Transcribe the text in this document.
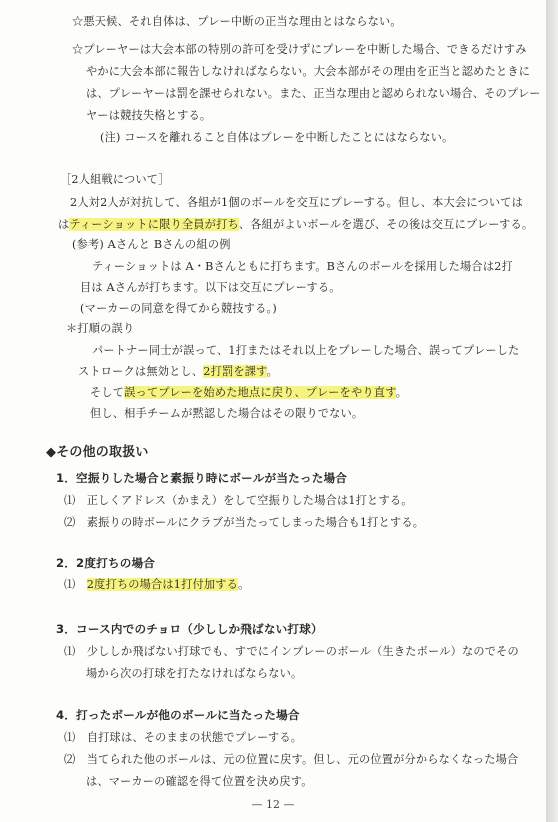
☆悪天候、それ自体は、プレー中断の正当な理由とはならない。
☆プレーヤーは大会本部の特別の許可を受けずにプレーを中断した場合、できるだけすみ
やかに大会本部に報告しなければならない。大会本部がその理由を正当と認めたときに
は、プレーヤーは罰を課せられない。また、正当な理由と認められない場合、そのプレー
ヤーは競技失格とする。
(注) コースを離れること自体はプレーを中断したことにはならない。
［2人組戦について］
2人対2人が対抗して、各組が1個のボールを交互にプレーする。但し、本大会については
はティーショットに限り全員が打ち、各組がよいボールを選び、その後は交互にプレーする。
(参考) Aさんと Bさんの組の例
ティーショットは A・Bさんともに打ちます。Bさんのボールを採用した場合は2打
目は Aさんが打ちます。以下は交互にプレーする。
(マーカーの同意を得てから競技する。)
＊打順の誤り
パートナー同士が誤って、1打またはそれ以上をプレーした場合、誤ってプレーした
ストロークは無効とし、2打罰を課す。
そして誤ってプレーを始めた地点に戻り、プレーをやり直す。
但し、相手チームが黙認した場合はその限りでない。
◆その他の取扱い
1．空振りした場合と素振り時にボールが当たった場合
⑴　正しくアドレス（かまえ）をして空振りした場合は1打とする。
⑵　素振りの時ボールにクラブが当たってしまった場合も1打とする。
2．2度打ちの場合
⑴　2度打ちの場合は1打付加する。
3．コース内でのチョロ（少ししか飛ばない打球）
⑴　少ししか飛ばない打球でも、すでにインプレーのボール（生きたボール）なのでその
場から次の打球を打たなければならない。
4．打ったボールが他のボールに当たった場合
⑴　自打球は、そのままの状態でプレーする。
⑵　当てられた他のボールは、元の位置に戻す。但し、元の位置が分からなくなった場合
は、マーカーの確認を得て位置を決め戻す。
— 12 —
